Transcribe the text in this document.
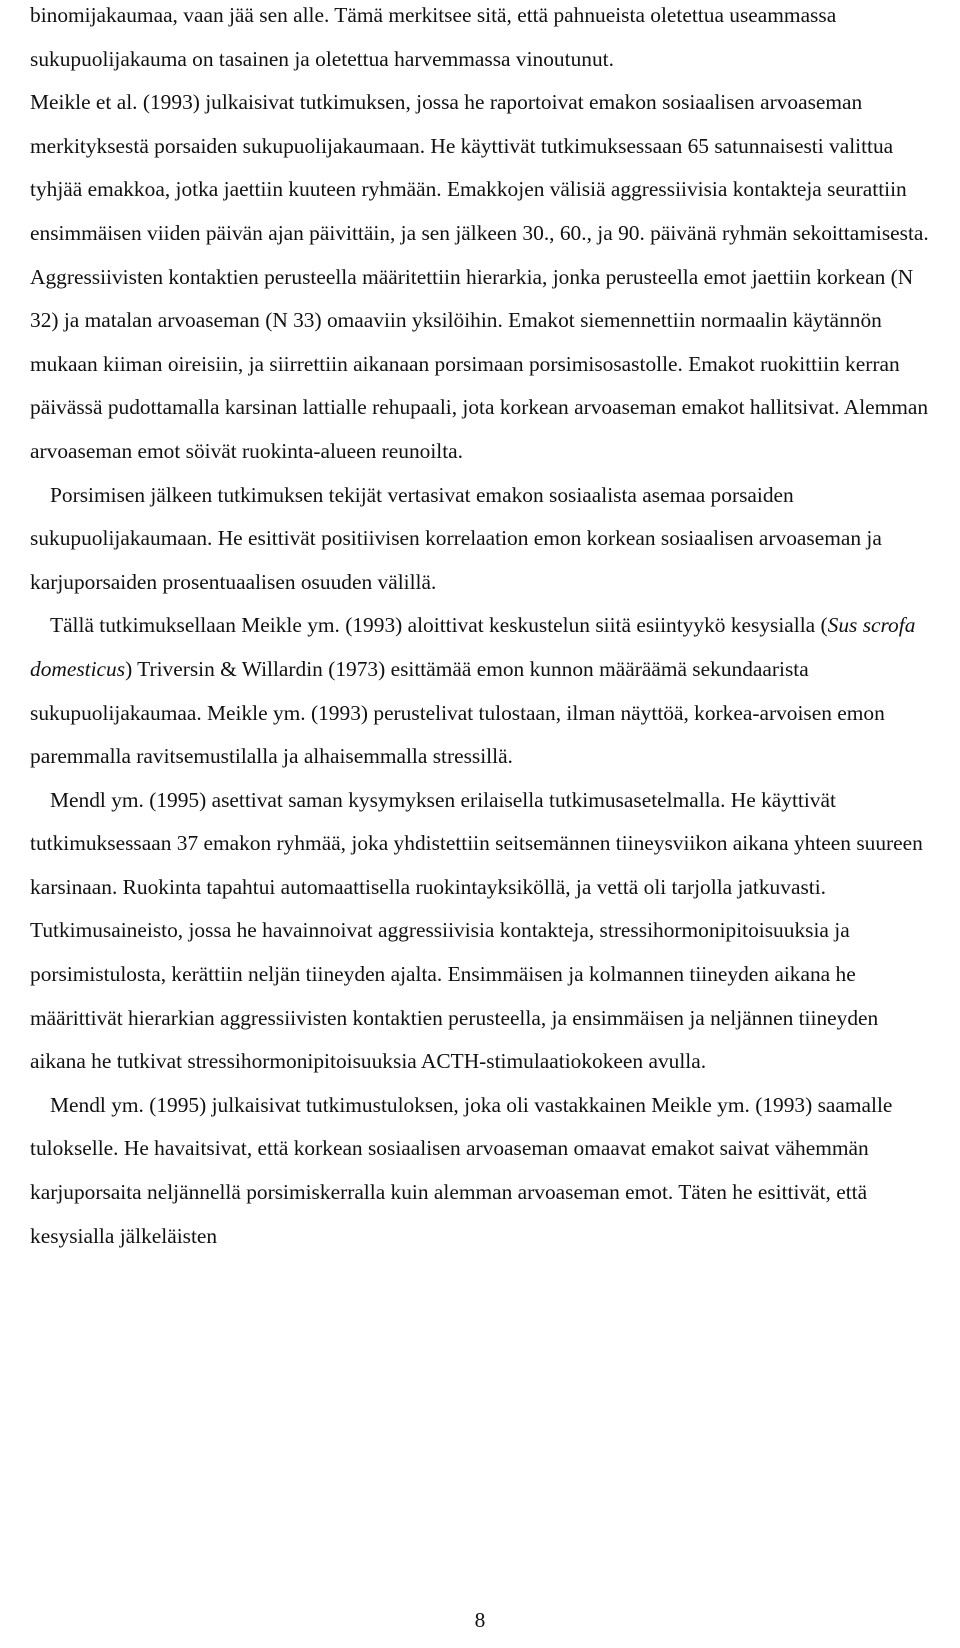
binomijakaumaa, vaan jää sen alle. Tämä merkitsee sitä, että pahnueista oletettua useammassa sukupuolijakauma on tasainen ja oletettua harvemmassa vinoutunut.

Meikle et al. (1993) julkaisivat tutkimuksen, jossa he raportoivat emakon sosiaalisen arvoaseman merkityksestä porsaiden sukupuolijakaumaan. He käyttivät tutkimuksessaan 65 satunnaisesti valittua tyhjää emakkoa, jotka jaettiin kuuteen ryhmään. Emakkojen välisiä aggressiivisia kontakteja seurattiin ensimmäisen viiden päivän ajan päivittäin, ja sen jälkeen 30., 60., ja 90. päivänä ryhmän sekoittamisesta. Aggressiivisten kontaktien perusteella määritettiin hierarkia, jonka perusteella emot jaettiin korkean (N 32) ja matalan arvoaseman (N 33) omaaviin yksilöihin. Emakot siemennettiin normaalin käytännön mukaan kiiman oireisiin, ja siirrettiin aikanaan porsimaan porsimisosastolle. Emakot ruokittiin kerran päivässä pudottamalla karsinan lattialle rehupaali, jota korkean arvoaseman emakot hallitsivat. Alemman arvoaseman emot söivät ruokinta-alueen reunoilta.

Porsimisen jälkeen tutkimuksen tekijät vertasivat emakon sosiaalista asemaa porsaiden sukupuolijakaumaan. He esittivät positiivisen korrelaation emon korkean sosiaalisen arvoaseman ja karjuporsaiden prosentuaalisen osuuden välillä.

Tällä tutkimuksellaan Meikle ym. (1993) aloittivat keskustelun siitä esiintyykö kesysialla (Sus scrofa domesticus) Triversin & Willardin (1973) esittämää emon kunnon määräämä sekundaarista sukupuolijakaumaa. Meikle ym. (1993) perustelivat tulostaan, ilman näyttöä, korkea-arvoisen emon paremmalla ravitsemustilalla ja alhaisemmalla stressillä.

Mendl ym. (1995) asettivat saman kysymyksen erilaisella tutkimusasetelmalla. He käyttivät tutkimuksessaan 37 emakon ryhmää, joka yhdistettiin seitsemännen tiineysviikon aikana yhteen suureen karsinaan. Ruokinta tapahtui automaattisella ruokintayksiköllä, ja vettä oli tarjolla jatkuvasti. Tutkimusaineisto, jossa he havainnoivat aggressiivisia kontakteja, stressihormonipitoisuuksia ja porsimistulosta, kerättiin neljän tiineyden ajalta. Ensimmäisen ja kolmannen tiineyden aikana he määrittivät hierarkian aggressiivisten kontaktien perusteella, ja ensimmäisen ja neljännen tiineyden aikana he tutkivat stressihormonipitoisuuksia ACTH-stimulaatiokokeen avulla.

Mendl ym. (1995) julkaisivat tutkimustuloksen, joka oli vastakkainen Meikle ym. (1993) saamalle tulokselle. He havaitsivat, että korkean sosiaalisen arvoaseman omaavat emakot saivat vähemmän karjuporsaita neljännellä porsimiskerralla kuin alemman arvoaseman emot. Täten he esittivät, että kesysialla jälkeläisten

8
